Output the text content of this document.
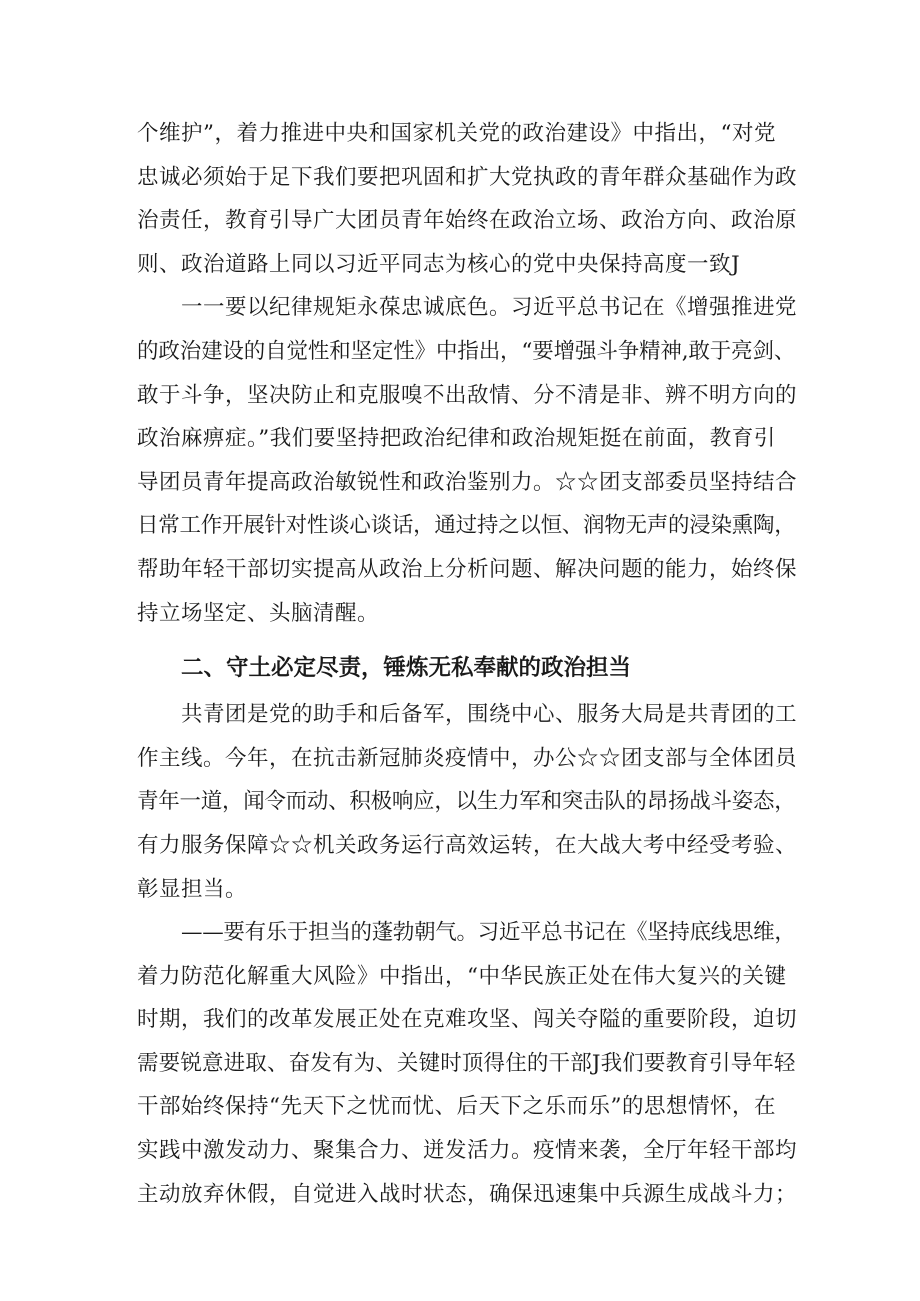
个维护”，着力推进中央和国家机关党的政治建设》中指出，“对党
忠诚必须始于足下我们要把巩固和扩大党执政的青年群众基础作为政
治责任，教育引导广大团员青年始终在政治立场、政治方向、政治原
则、政治道路上同以习近平同志为核心的党中央保持高度一致J
一一要以纪律规矩永葆忠诚底色。习近平总书记在《增强推进党
的政治建设的自觉性和坚定性》中指出，“要增强斗争精神,敢于亮剑、
敢于斗争，坚决防止和克服嗅不出敌情、分不清是非、辨不明方向的
政治麻痹症。”我们要坚持把政治纪律和政治规矩挺在前面，教育引
导团员青年提高政治敏锐性和政治鉴别力。☆☆团支部委员坚持结合
日常工作开展针对性谈心谈话，通过持之以恒、润物无声的浸染熏陶，
帮助年轻干部切实提高从政治上分析问题、解决问题的能力，始终保
持立场坚定、头脑清醒。
二、守土必定尽责，锤炼无私奉献的政治担当
共青团是党的助手和后备军，围绕中心、服务大局是共青团的工
作主线。今年，在抗击新冠肺炎疫情中，办公☆☆团支部与全体团员
青年一道，闻令而动、积极响应，以生力军和突击队的昂扬战斗姿态，
有力服务保障☆☆机关政务运行高效运转，在大战大考中经受考验、
彰显担当。
——要有乐于担当的蓬勃朝气。习近平总书记在《坚持底线思维，
着力防范化解重大风险》中指出，“中华民族正处在伟大复兴的关键
时期，我们的改革发展正处在克难攻坚、闯关夺隘的重要阶段，迫切
需要锐意进取、奋发有为、关键时顶得住的干部J我们要教育引导年轻
干部始终保持“先天下之忧而忧、后天下之乐而乐”的思想情怀，在
实践中激发动力、聚集合力、迸发活力。疫情来袭，全厅年轻干部均
主动放弃休假，自觉进入战时状态，确保迅速集中兵源生成战斗力；
